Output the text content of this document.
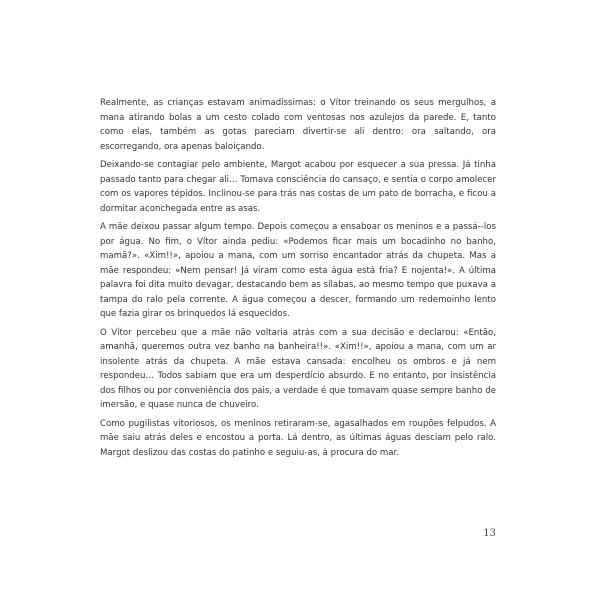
Realmente, as crianças estavam animadíssimas: o Vítor treinando os seus mergulhos, a mana atirando bolas a um cesto colado com ventosas nos azulejos da parede. E, tanto como elas, também as gotas pareciam divertir-se ali dentro: ora saltando, ora escorregando, ora apenas baloiçando.

Deixando-se contagiar pelo ambiente, Margot acabou por esquecer a sua pressa. Já tinha passado tanto para chegar ali… Tomava consciência do cansaço, e sentia o corpo amolecer com os vapores tépidos. Inclinou-se para trás nas costas de um pato de borracha, e ficou a dormitar aconchegada entre as asas.

A mãe deixou passar algum tempo. Depois começou a ensaboar os meninos e a passá--los por água. No fim, o Vítor ainda pediu: «Podemos ficar mais um bocadinho no banho, mamã?». «Xim!!», apoiou a mana, com um sorriso encantador atrás da chupeta. Mas a mãe respondeu: «Nem pensar! Já viram como esta água está fria? E nojenta!». A última palavra foi dita muito devagar, destacando bem as sílabas, ao mesmo tempo que puxava a tampa do ralo pela corrente. A água começou a descer, formando um redemoinho lento que fazia girar os brinquedos lá esquecidos.

O Vítor percebeu que a mãe não voltaria atrás com a sua decisão e declarou: «Então, amanhã, queremos outra vez banho na banheira!!». «Xim!!», apoiou a mana, com um ar insolente atrás da chupeta. A mãe estava cansada: encolheu os ombros e já nem respondeu… Todos sabiam que era um desperdício absurdo. E no entanto, por insistência dos filhos ou por conveniência dos pais, a verdade é que tomavam quase sempre banho de imersão, e quase nunca de chuveiro.

Como pugilistas vitoriosos, os meninos retiraram-se, agasalhados em roupões felpudos. A mãe saiu atrás deles e encostou a porta. Lá dentro, as últimas águas desciam pelo ralo. Margot deslizou das costas do patinho e seguiu-as, à procura do mar.

13
